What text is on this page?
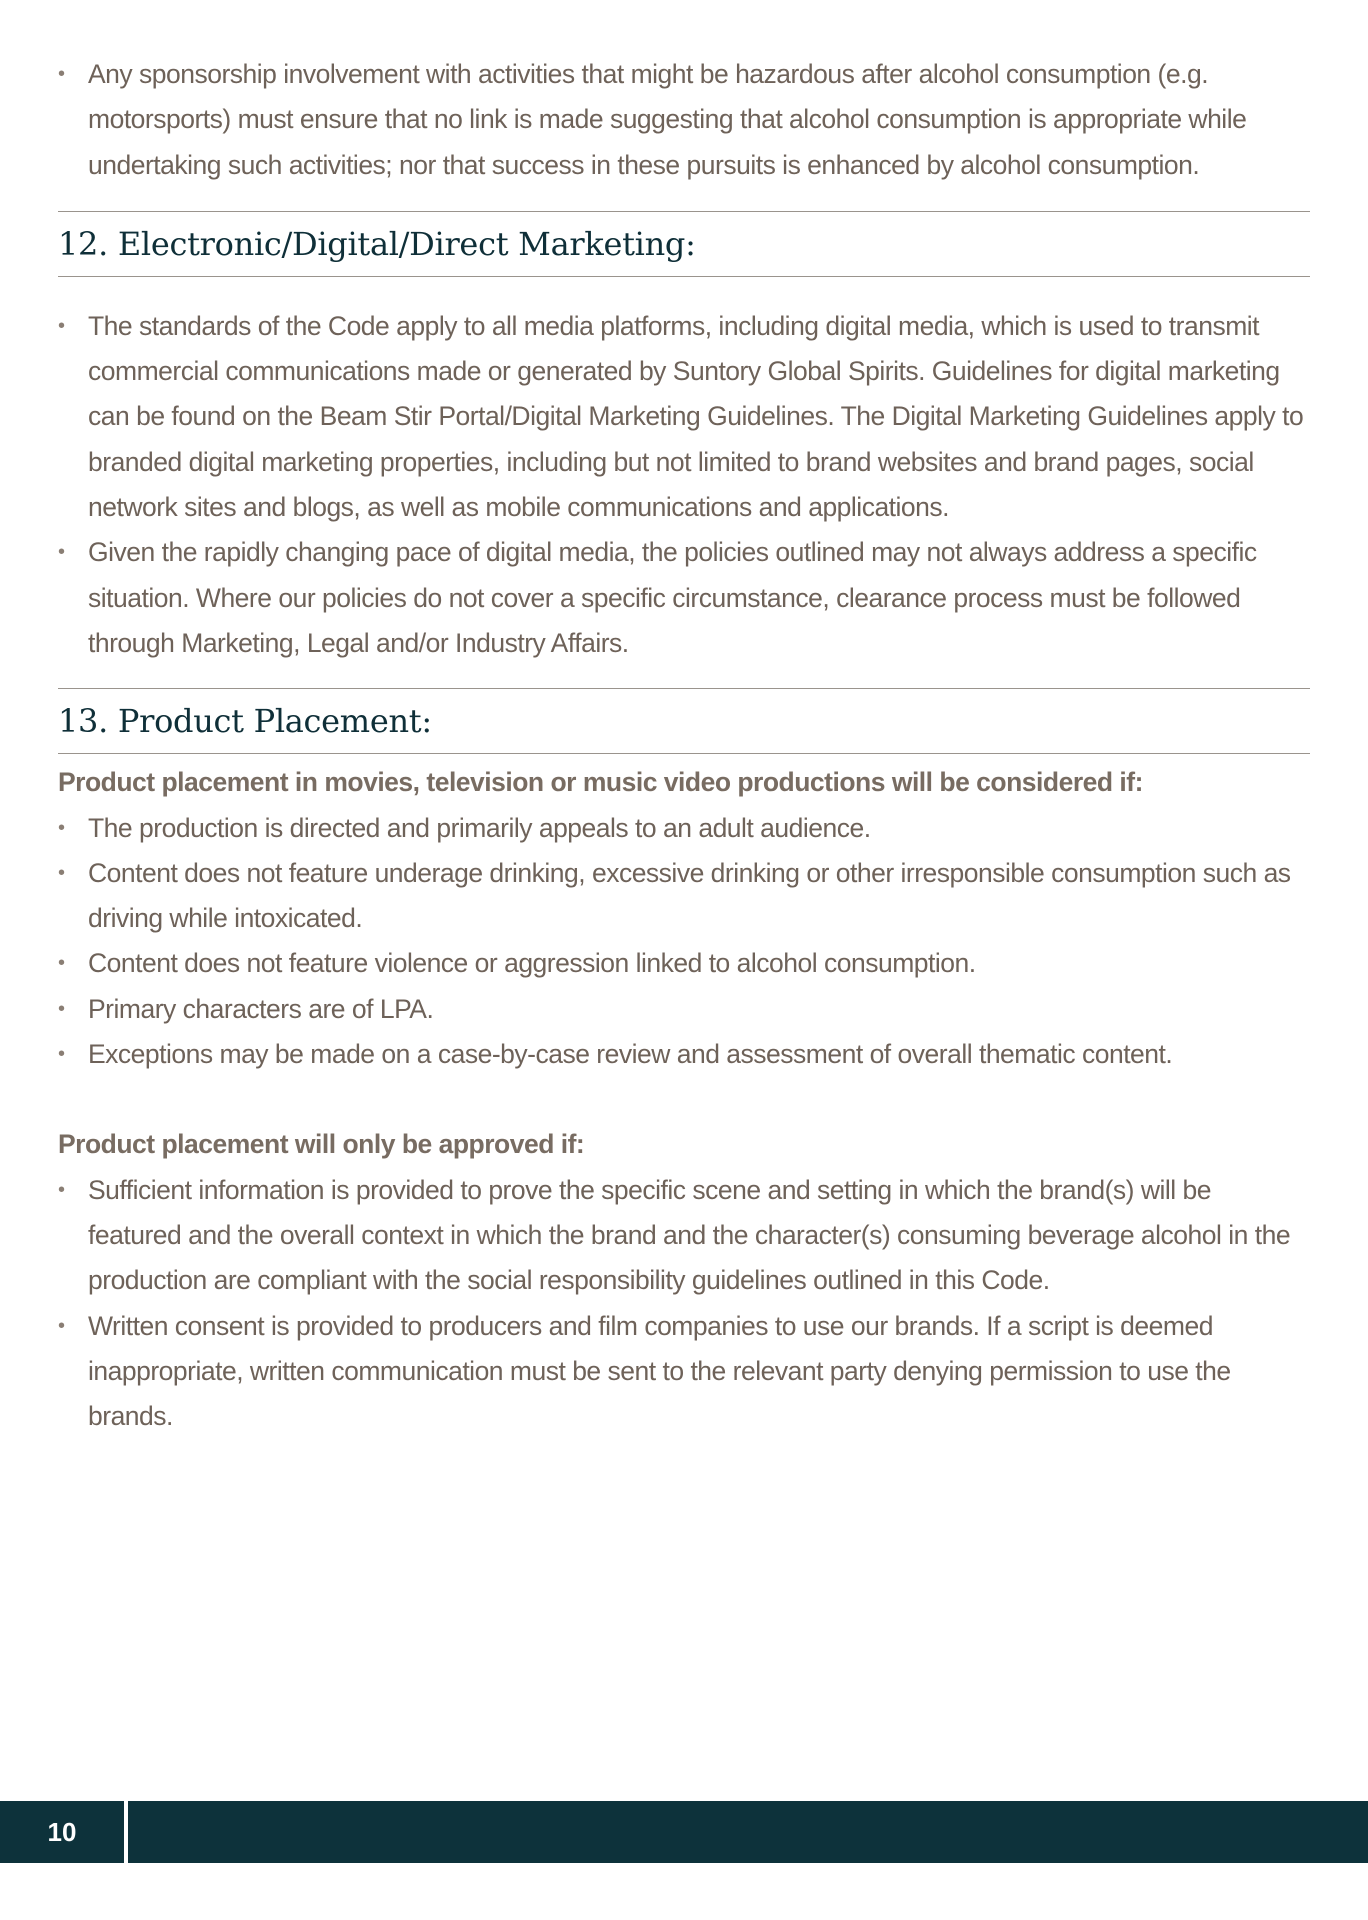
• Any sponsorship involvement with activities that might be hazardous after alcohol consumption (e.g. motorsports) must ensure that no link is made suggesting that alcohol consumption is appropriate while undertaking such activities; nor that success in these pursuits is enhanced by alcohol consumption.
12. Electronic/Digital/Direct Marketing:
• The standards of the Code apply to all media platforms, including digital media, which is used to transmit commercial communications made or generated by Suntory Global Spirits. Guidelines for digital marketing can be found on the Beam Stir Portal/Digital Marketing Guidelines. The Digital Marketing Guidelines apply to branded digital marketing properties, including but not limited to brand websites and brand pages, social network sites and blogs, as well as mobile communications and applications.
• Given the rapidly changing pace of digital media, the policies outlined may not always address a specific situation. Where our policies do not cover a specific circumstance, clearance process must be followed through Marketing, Legal and/or Industry Affairs.
13. Product Placement:

Product placement in movies, television or music video productions will be considered if:

• The production is directed and primarily appeals to an adult audience.
• Content does not feature underage drinking, excessive drinking or other irresponsible consumption such as driving while intoxicated.
• Content does not feature violence or aggression linked to alcohol consumption.
• Primary characters are of LPA.
• Exceptions may be made on a case-by-case review and assessment of overall thematic content.

Product placement will only be approved if:

• Sufficient information is provided to prove the specific scene and setting in which the brand(s) will be featured and the overall context in which the brand and the character(s) consuming beverage alcohol in the production are compliant with the social responsibility guidelines outlined in this Code.
• Written consent is provided to producers and film companies to use our brands. If a script is deemed inappropriate, written communication must be sent to the relevant party denying permission to use the brands.
10
